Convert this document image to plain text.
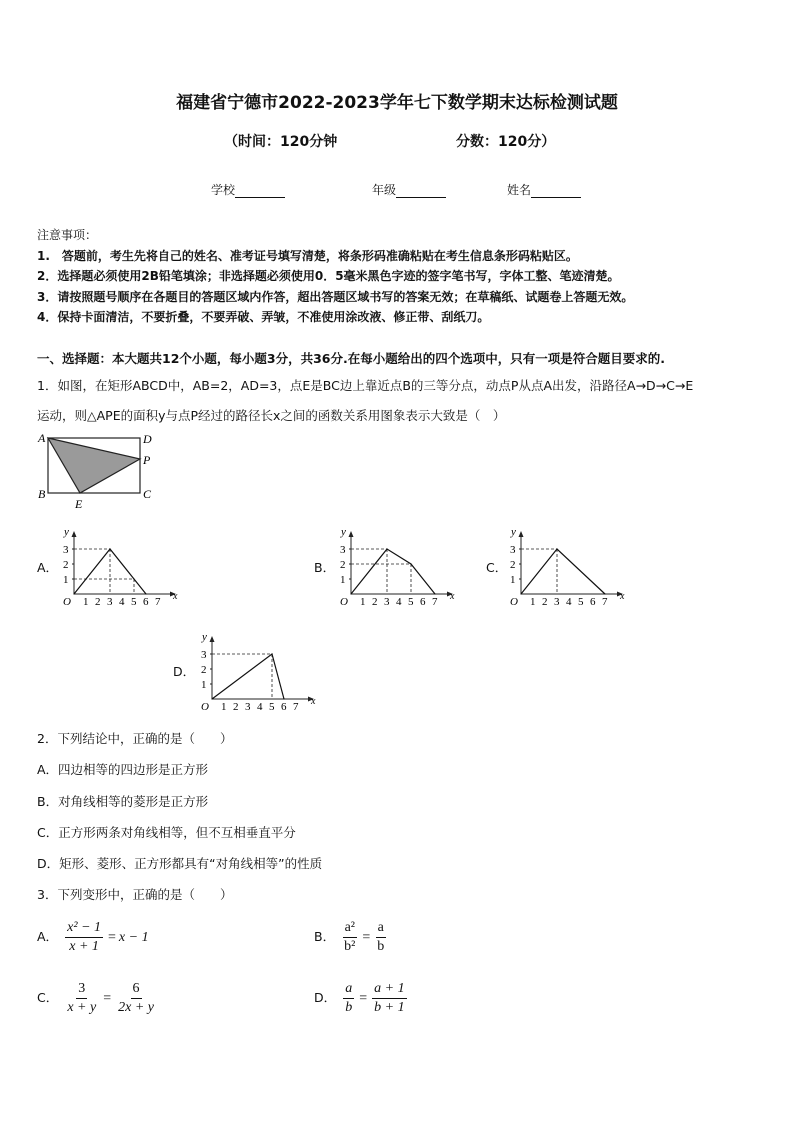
福建省宁德市2022-2023学年七下数学期末达标检测试题
（时间：120分钟	分数：120分）
学校	年级	姓名
注意事项：
1.　答题前，考生先将自己的姓名、准考证号填写清楚，将条形码准确粘贴在考生信息条形码粘贴区。
2．选择题必须使用2B铅笔填涂；非选择题必须使用0．5毫米黑色字迹的签字笔书写，字体工整、笔迹清楚。
3．请按照题号顺序在各题目的答题区域内作答，超出答题区域书写的答案无效；在草稿纸、试题卷上答题无效。
4．保持卡面清洁，不要折叠，不要弄破、弄皱，不准使用涂改液、修正带、刮纸刀。
一、选择题：本大题共12个小题，每小题3分，共36分.在每小题给出的四个选项中，只有一项是符合题目要求的.
1．如图，在矩形ABCD中，AB=2，AD=3，点E是BC边上靠近点B的三等分点，动点P从点A出发，沿路径A→D→C→E
运动，则△APE的面积y与点P经过的路径长x之间的函数关系用图象表示大致是（　）
A	D
P
B
E
C
A．	B．	C．
D．
y
x
O 1 2 3 4 5 6 7
1
2
3
y
x
O 1 2 3 4 5 6 7
1
2
3
y
x
O 1 2 3 4 5 6 7
1
2
3
y
x
O 1 2 3 4 5 6 7
1
2
3
2．下列结论中，正确的是（　　）
A．四边相等的四边形是正方形
B．对角线相等的菱形是正方形
C．正方形两条对角线相等，但不互相垂直平分
D．矩形、菱形、正方形都具有“对角线相等”的性质
3．下列变形中，正确的是（　　）
A． $\frac{\text{x² − 1}}{x + 1} = x - 1$	B． $\frac{\text{a²}}{\text{b²}} = \frac{a}{b}$
C． $\frac{3}{x + y} = \frac{6}{2x + y}$	D． $\frac{a}{b} = \frac{a + 1}{b + 1}$
